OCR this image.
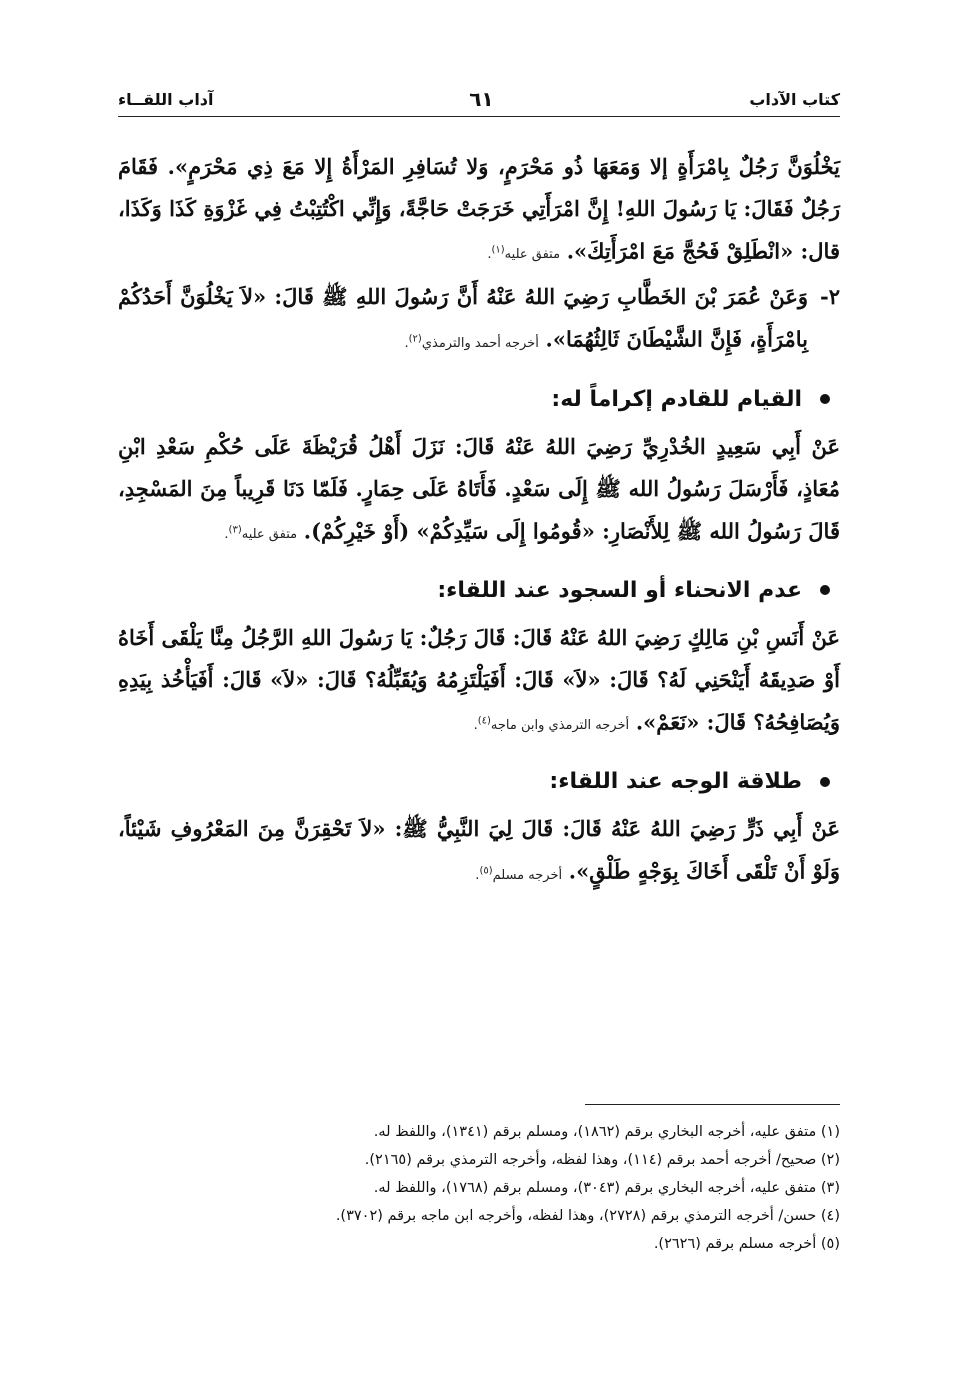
كتاب الآداب
٦١
آداب اللقــاء

يَخْلُوَنَّ رَجُلٌ بِامْرَأَةٍ إلا وَمَعَهَا ذُو مَحْرَمٍ، وَلا تُسَافِرِ المَرْأَةُ إِلا مَعَ ذِي مَحْرَمٍ». فَقَامَ رَجُلٌ فَقَالَ: يَا رَسُولَ اللهِ! إِنَّ امْرَأَتِي خَرَجَتْ حَاجَّةً، وَإِنِّي اكْتُتِبْتُ فِي غَزْوَةِ كَذَا وَكَذَا، قال: «انْطَلِقْ فَحُجَّ مَعَ امْرَأَتِكَ». متفق عليه$^{(١)}$.

٢-

وَعَنْ عُمَرَ بْنَ الخَطَّابِ رَضِيَ اللهُ عَنْهُ أَنَّ رَسُولَ اللهِ ﷺ قَالَ: «لاَ يَخْلُوَنَّ أَحَدُكُمْ بِامْرَأَةٍ، فَإِنَّ الشَّيْطَانَ ثَالِثُهُمَا». أخرجه أحمد والترمذي$^{(٢)}$.

القيام للقادم إكراماً له:

عَنْ أَبِي سَعِيدٍ الخُدْرِيِّ رَضِيَ اللهُ عَنْهُ قَالَ: نَزَلَ أَهْلُ قُرَيْظَةَ عَلَى حُكْمِ سَعْدِ ابْنِ مُعَاذٍ، فَأَرْسَلَ رَسُولُ الله ﷺ إِلَى سَعْدٍ. فَأَتَاهُ عَلَى حِمَارٍ. فَلَمّا دَنَا قَرِيباً مِنَ المَسْجِدِ، قَالَ رَسُولُ الله ﷺ لِلأَنْصَارِ: «قُومُوا إِلَى سَيِّدِكُمْ» (أَوْ خَيْرِكُمْ). متفق عليه$^{(٣)}$.

عدم الانحناء أو السجود عند اللقاء:

عَنْ أَنَسِ بْنِ مَالِكٍ رَضِيَ اللهُ عَنْهُ قَالَ: قَالَ رَجُلٌ: يَا رَسُولَ اللهِ الرَّجُلُ مِنَّا يَلْقَى أَخَاهُ أَوْ صَدِيقَهُ أَيَنْحَنِي لَهُ؟ قَالَ: «لاَ» قَالَ: أَفَيَلْتَزِمُهُ وَيُقَبِّلُهُ؟ قَالَ: «لاَ» قَالَ: أَفَيَأْخُذ بِيَدِهِ وَيُصَافِحُهُ؟ قَالَ: «نَعَمْ». أخرجه الترمذي وابن ماجه$^{(٤)}$.

طلاقة الوجه عند اللقاء:

عَنْ أَبِي ذَرٍّ رَضِيَ اللهُ عَنْهُ قَالَ: قَالَ لِيَ النَّبِيُّ ﷺ: «لاَ تَحْقِرَنَّ مِنَ المَعْرُوفِ شَيْئاً، وَلَوْ أَنْ تَلْقَى أَخَاكَ بِوَجْهٍ طَلْقٍ». أخرجه مسلم$^{(٥)}$.

(١) متفق عليه، أخرجه البخاري برقم (١٨٦٢)، ومسلم برقم (١٣٤١)، واللفظ له.
(٢) صحيح/ أخرجه أحمد برقم (١١٤)، وهذا لفظه، وأخرجه الترمذي برقم (٢١٦٥).
(٣) متفق عليه، أخرجه البخاري برقم (٣٠٤٣)، ومسلم برقم (١٧٦٨)، واللفظ له.
(٤) حسن/ أخرجه الترمذي برقم (٢٧٢٨)، وهذا لفظه، وأخرجه ابن ماجه برقم (٣٧٠٢).
(٥) أخرجه مسلم برقم (٢٦٢٦).
